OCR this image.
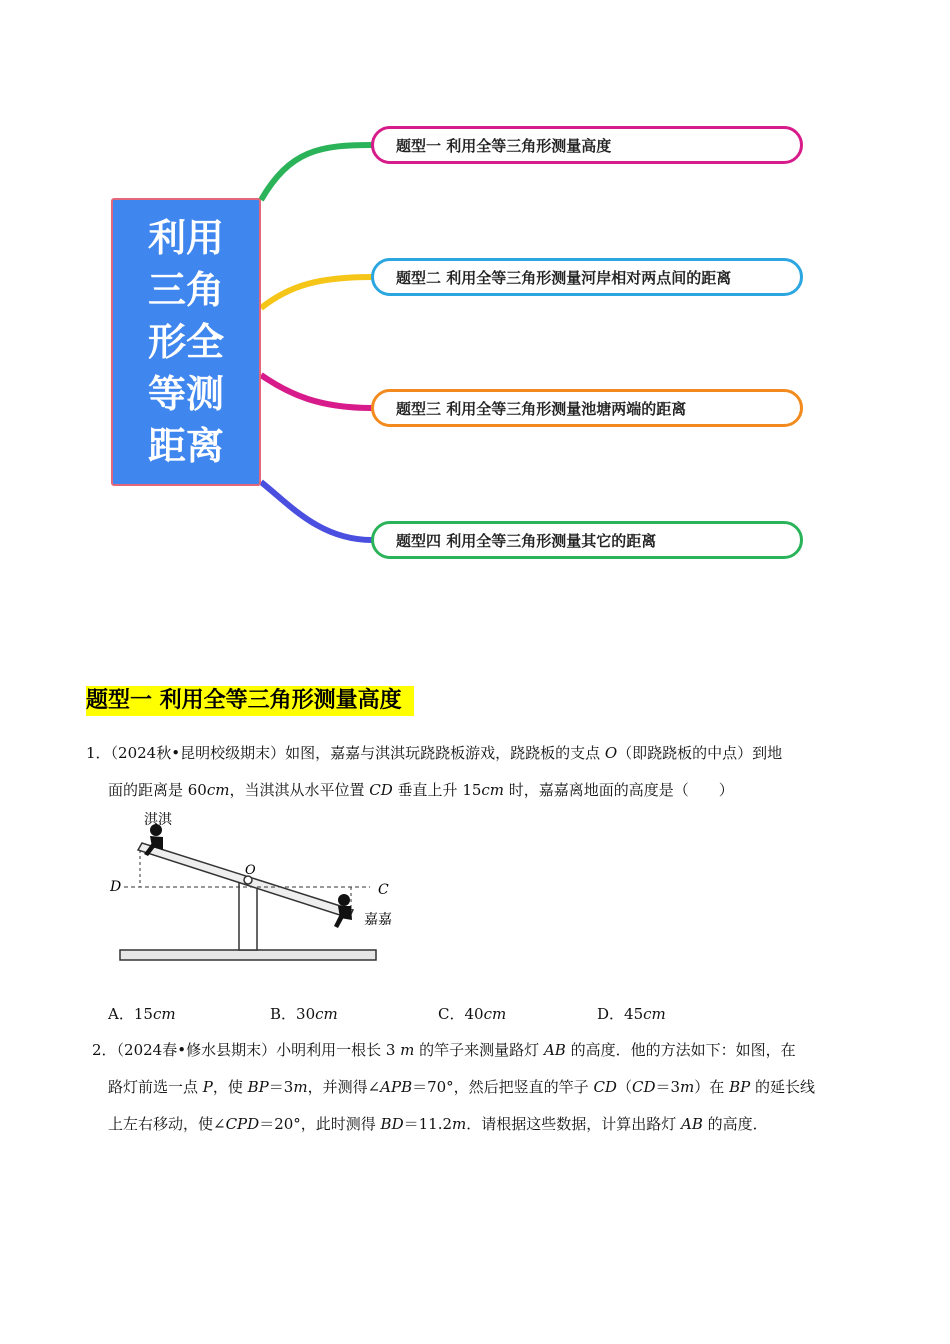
利用三角形全等测距离
题型一 利用全等三角形测量高度
题型二 利用全等三角形测量河岸相对两点间的距离
题型三 利用全等三角形测量池塘两端的距离
题型四 利用全等三角形测量其它的距离
题型一 利用全等三角形测量高度
1．（2024秋•昆明校级期末）如图，嘉嘉与淇淇玩跷跷板游戏，跷跷板的支点 O（即跷跷板的中点）到地
面的距离是 60cm，当淇淇从水平位置 CD 垂直上升 15cm 时，嘉嘉离地面的高度是（　　）
淇淇
嘉嘉
O
D	C
A．15cm	B．30cm	C．40cm	D．45cm
2．（2024春•修水县期末）小明利用一根长 3 m 的竿子来测量路灯 AB 的高度．他的方法如下：如图，在
路灯前选一点 P，使 BP＝3m，并测得∠APB＝70°，然后把竖直的竿子 CD（CD＝3m）在 BP 的延长线
上左右移动，使∠CPD＝20°，此时测得 BD＝11.2m．请根据这些数据，计算出路灯 AB 的高度．
